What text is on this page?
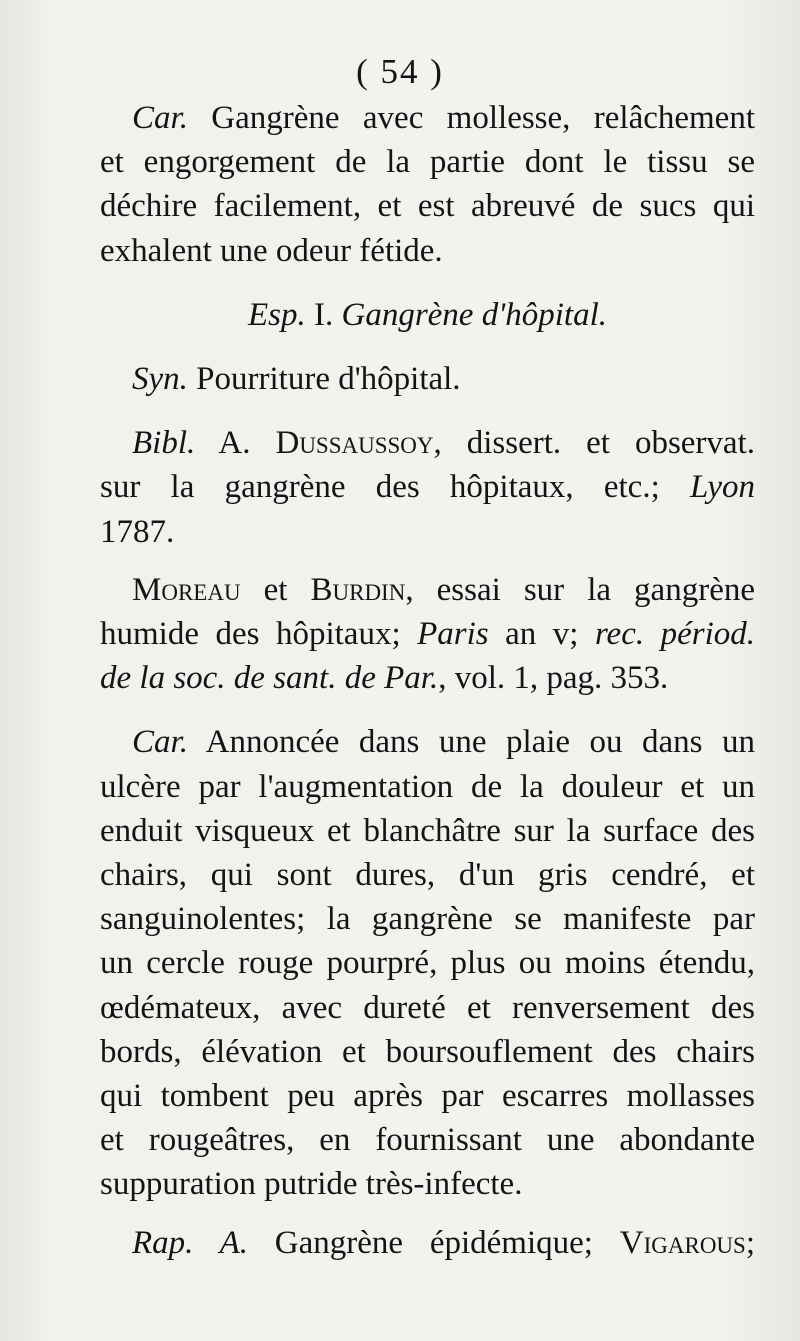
( 54 )
Car. Gangrène avec mollesse, relâchement
et engorgement de la partie dont le tissu se
déchire facilement, et est abreuvé de sucs qui
exhalent une odeur fétide.
Esp. I. Gangrène d'hôpital.
Syn. Pourriture d'hôpital.
Bibl. A. Dussaussoy, dissert. et observat.
sur la gangrène des hôpitaux, etc.; Lyon
1787.
Moreau et Burdin, essai sur la gangrène
humide des hôpitaux; Paris an v; rec. périod.
de la soc. de sant. de Par., vol. 1, pag. 353.
Car. Annoncée dans une plaie ou dans un
ulcère par l'augmentation de la douleur et un
enduit visqueux et blanchâtre sur la surface des
chairs, qui sont dures, d'un gris cendré, et
sanguinolentes; la gangrène se manifeste par
un cercle rouge pourpré, plus ou moins étendu,
œdémateux, avec dureté et renversement des
bords, élévation et boursouflement des chairs
qui tombent peu après par escarres mollasses
et rougeâtres, en fournissant une abondante
suppuration putride très-infecte.
Rap. A. Gangrène épidémique; Vigarous;
